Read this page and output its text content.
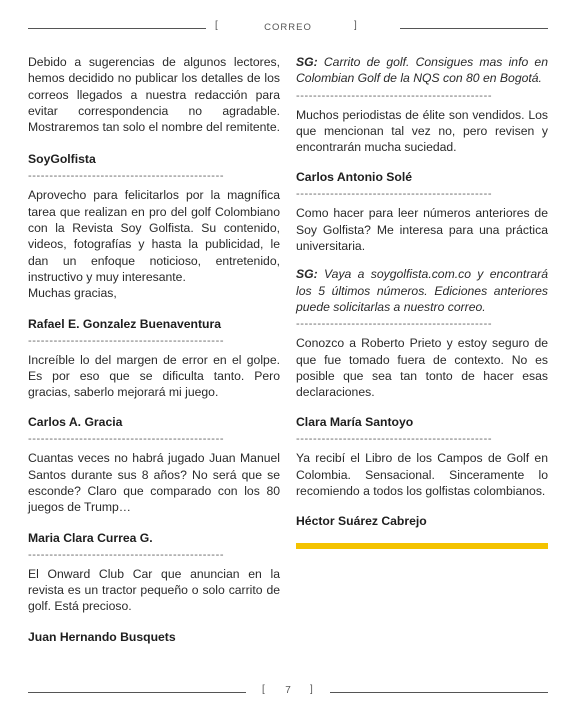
[	CORREO	]

Debido a sugerencias de algunos lectores, hemos decidido no publicar los detalles de los correos llegados a nuestra redacción para evitar correspondencia no agradable. Mostraremos tan solo el nombre del remitente.

SoyGolfista
----------------------------------------------

Aprovecho para felicitarlos por la magnífica tarea que realizan en pro del golf Colombiano con la Revista Soy Golfista. Su contenido, videos, fotografías y hasta la publicidad, le dan un enfoque noticioso, entretenido, instructivo y muy interesante.

Muchas gracias,

Rafael E. Gonzalez Buenaventura
----------------------------------------------

Increíble lo del margen de error en el golpe. Es por eso que se dificulta tanto. Pero gracias, saberlo mejorará mi juego.

Carlos A. Gracia
----------------------------------------------

Cuantas veces no habrá jugado Juan Manuel Santos durante sus 8 años? No será que se esconde? Claro que comparado con los 80 juegos de Trump…

Maria Clara Currea G.
----------------------------------------------

El Onward Club Car que anuncian en la revista es un tractor pequeño o solo carrito de golf. Está precioso.

Juan Hernando Busquets

SG: Carrito de golf. Consigues mas info en Colombian Golf de la NQS con 80 en Bogotá.

----------------------------------------------

Muchos periodistas de élite son vendidos. Los que mencionan tal vez no, pero revisen y encontrarán mucha suciedad.

Carlos Antonio Solé
----------------------------------------------

Como hacer para leer números anteriores de Soy Golfista? Me interesa para una práctica universitaria.

SG: Vaya a soygolfista.com.co y encontrará los 5 últimos números. Ediciones anteriores puede solicitarlas a nuestro correo.

----------------------------------------------

Conozco a Roberto Prieto y estoy seguro de que fue tomado fuera de contexto. No es posible que sea tan tonto de hacer esas declaraciones.

Clara María Santoyo
----------------------------------------------

Ya recibí el Libro de los Campos de Golf en Colombia. Sensacional. Sinceramente lo recomiendo a todos los golfistas colombianos.

Héctor Suárez Cabrejo
[	7	]
